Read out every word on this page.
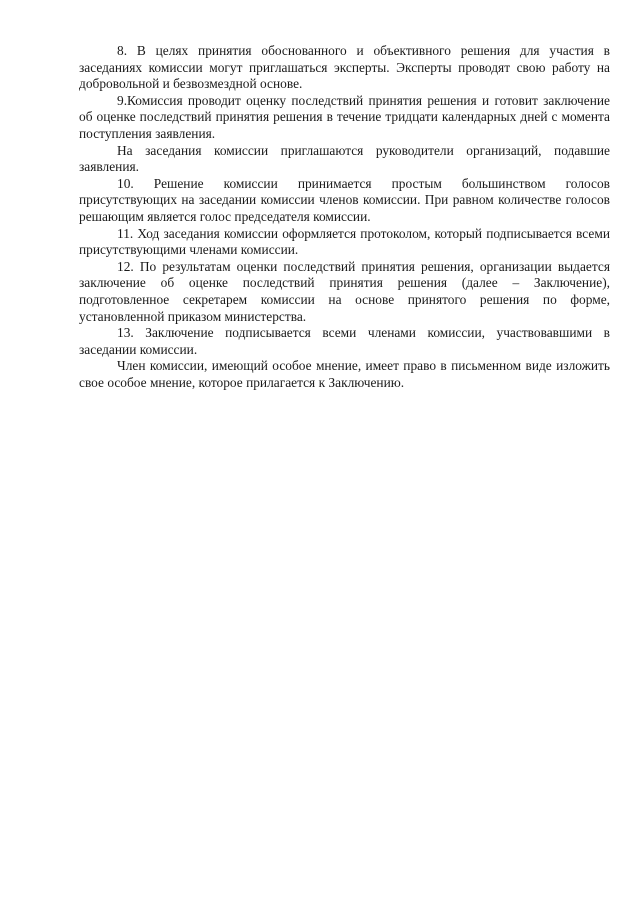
8. В целях принятия обоснованного и объективного решения для участия в заседаниях комиссии могут приглашаться эксперты. Эксперты проводят свою работу на добровольной и безвозмездной основе.

9.Комиссия проводит оценку последствий принятия решения и готовит заключение об оценке последствий принятия решения в течение тридцати календарных дней с момента поступления заявления.

На заседания комиссии приглашаются руководители организаций, подавшие заявления.

10. Решение комиссии принимается простым большинством голосов присутствующих на заседании комиссии членов комиссии. При равном количестве голосов решающим является голос председателя комиссии.

11. Ход заседания комиссии оформляется протоколом, который подписывается всеми присутствующими членами комиссии.

12. По результатам оценки последствий принятия решения, организации выдается заключение об оценке последствий принятия решения (далее – Заключение), подготовленное секретарем комиссии на основе принятого решения по форме, установленной приказом министерства.

13. Заключение подписывается всеми членами комиссии, участвовавшими в заседании комиссии.

Член комиссии, имеющий особое мнение, имеет право в письменном виде изложить свое особое мнение, которое прилагается к Заключению.
